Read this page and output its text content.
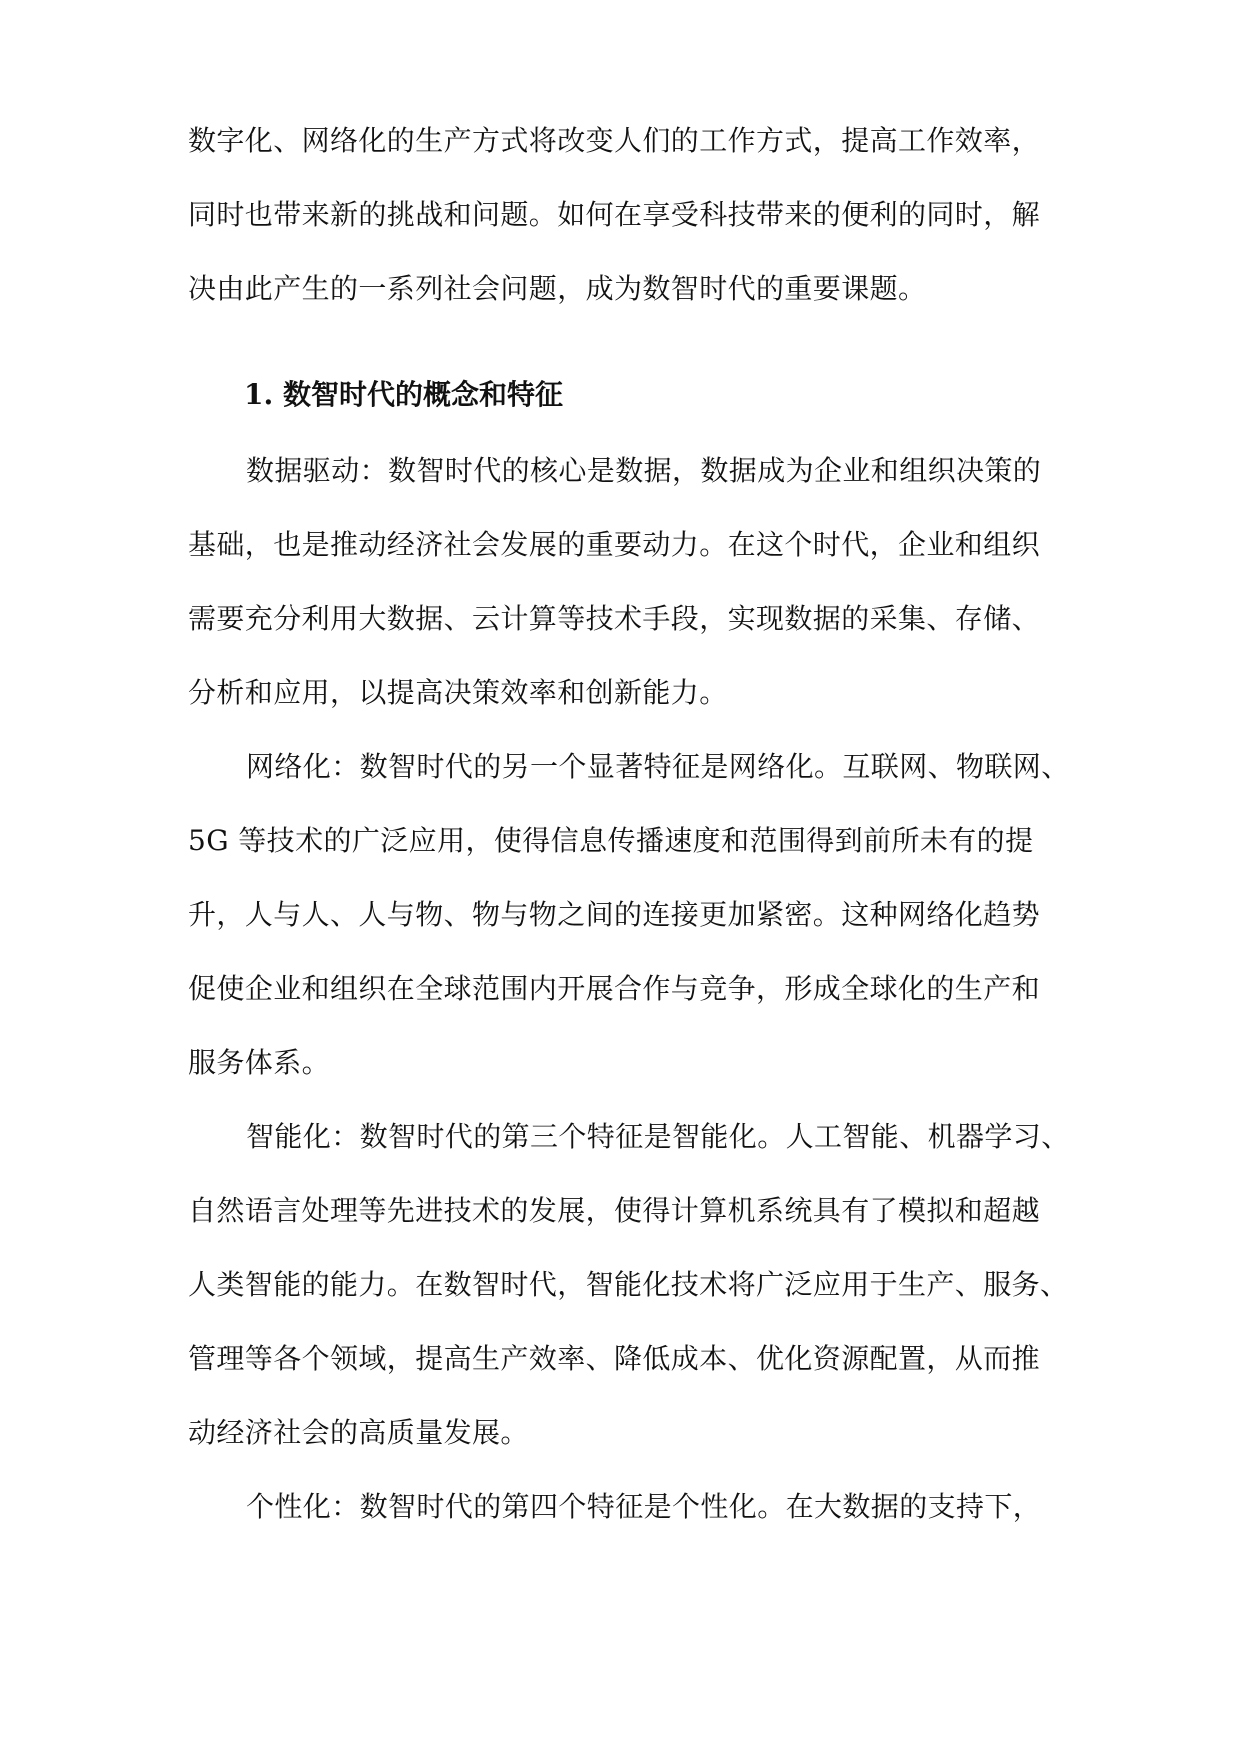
数字化、网络化的生产方式将改变人们的工作方式，提高工作效率，
同时也带来新的挑战和问题。如何在享受科技带来的便利的同时，解
决由此产生的一系列社会问题，成为数智时代的重要课题。
1. 数智时代的概念和特征
数据驱动：数智时代的核心是数据，数据成为企业和组织决策的
基础，也是推动经济社会发展的重要动力。在这个时代，企业和组织
需要充分利用大数据、云计算等技术手段，实现数据的采集、存储、
分析和应用，以提高决策效率和创新能力。
网络化：数智时代的另一个显著特征是网络化。互联网、物联网、
5G 等技术的广泛应用，使得信息传播速度和范围得到前所未有的提
升，人与人、人与物、物与物之间的连接更加紧密。这种网络化趋势
促使企业和组织在全球范围内开展合作与竞争，形成全球化的生产和
服务体系。
智能化：数智时代的第三个特征是智能化。人工智能、机器学习、
自然语言处理等先进技术的发展，使得计算机系统具有了模拟和超越
人类智能的能力。在数智时代，智能化技术将广泛应用于生产、服务、
管理等各个领域，提高生产效率、降低成本、优化资源配置，从而推
动经济社会的高质量发展。
个性化：数智时代的第四个特征是个性化。在大数据的支持下，
